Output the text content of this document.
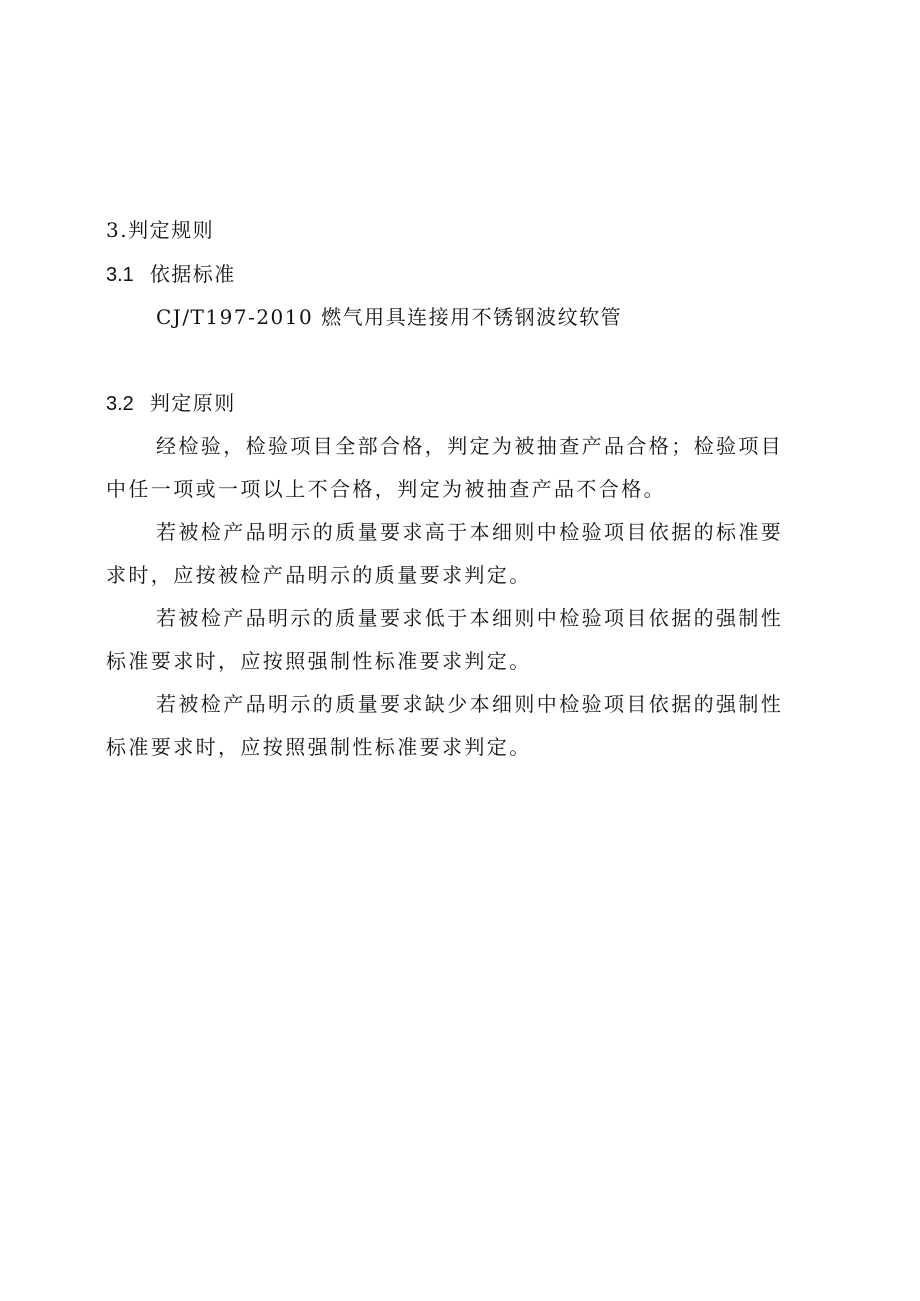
3.判定规则
3.1 依据标准
CJ/T197-2010 燃气用具连接用不锈钢波纹软管
3.2 判定原则
经检验，检验项目全部合格，判定为被抽查产品合格；检验项目
中任一项或一项以上不合格，判定为被抽查产品不合格。
若被检产品明示的质量要求高于本细则中检验项目依据的标准要
求时，应按被检产品明示的质量要求判定。
若被检产品明示的质量要求低于本细则中检验项目依据的强制性
标准要求时，应按照强制性标准要求判定。
若被检产品明示的质量要求缺少本细则中检验项目依据的强制性
标准要求时，应按照强制性标准要求判定。
